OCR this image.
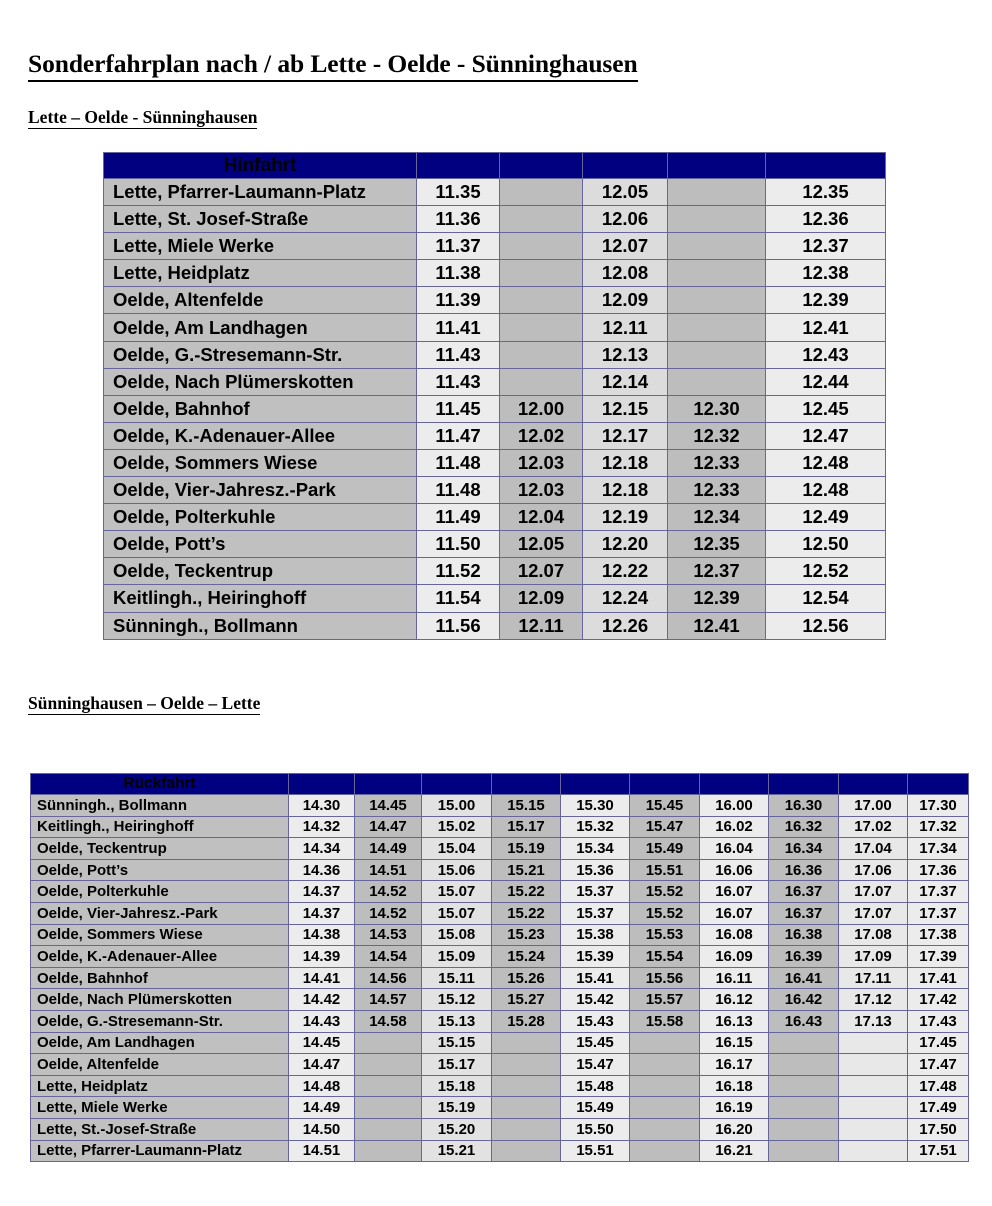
Sonderfahrplan nach / ab Lette - Oelde - Sünninghausen
Lette – Oelde - Sünninghausen
Hinfahrt					
Lette, Pfarrer-Laumann-Platz	11.35		12.05		12.35
Lette, St. Josef-Straße	11.36		12.06		12.36
Lette, Miele Werke	11.37		12.07		12.37
Lette, Heidplatz	11.38		12.08		12.38
Oelde, Altenfelde	11.39		12.09		12.39
Oelde, Am Landhagen	11.41		12.11		12.41
Oelde, G.-Stresemann-Str.	11.43		12.13		12.43
Oelde, Nach Plümerskotten	11.43		12.14		12.44
Oelde, Bahnhof	11.45	12.00	12.15	12.30	12.45
Oelde, K.-Adenauer-Allee	11.47	12.02	12.17	12.32	12.47
Oelde, Sommers Wiese	11.48	12.03	12.18	12.33	12.48
Oelde, Vier-Jahresz.-Park	11.48	12.03	12.18	12.33	12.48
Oelde, Polterkuhle	11.49	12.04	12.19	12.34	12.49
Oelde, Pott’s	11.50	12.05	12.20	12.35	12.50
Oelde, Teckentrup	11.52	12.07	12.22	12.37	12.52
Keitlingh., Heiringhoff	11.54	12.09	12.24	12.39	12.54
Sünningh., Bollmann	11.56	12.11	12.26	12.41	12.56
Sünninghausen – Oelde – Lette
Rückfahrt										
Sünningh., Bollmann	14.30	14.45	15.00	15.15	15.30	15.45	16.00	16.30	17.00	17.30
Keitlingh., Heiringhoff	14.32	14.47	15.02	15.17	15.32	15.47	16.02	16.32	17.02	17.32
Oelde, Teckentrup	14.34	14.49	15.04	15.19	15.34	15.49	16.04	16.34	17.04	17.34
Oelde, Pott’s	14.36	14.51	15.06	15.21	15.36	15.51	16.06	16.36	17.06	17.36
Oelde, Polterkuhle	14.37	14.52	15.07	15.22	15.37	15.52	16.07	16.37	17.07	17.37
Oelde, Vier-Jahresz.-Park	14.37	14.52	15.07	15.22	15.37	15.52	16.07	16.37	17.07	17.37
Oelde, Sommers Wiese	14.38	14.53	15.08	15.23	15.38	15.53	16.08	16.38	17.08	17.38
Oelde, K.-Adenauer-Allee	14.39	14.54	15.09	15.24	15.39	15.54	16.09	16.39	17.09	17.39
Oelde, Bahnhof	14.41	14.56	15.11	15.26	15.41	15.56	16.11	16.41	17.11	17.41
Oelde, Nach Plümerskotten	14.42	14.57	15.12	15.27	15.42	15.57	16.12	16.42	17.12	17.42
Oelde, G.-Stresemann-Str.	14.43	14.58	15.13	15.28	15.43	15.58	16.13	16.43	17.13	17.43
Oelde, Am Landhagen	14.45		15.15		15.45		16.15			17.45
Oelde, Altenfelde	14.47		15.17		15.47		16.17			17.47
Lette, Heidplatz	14.48		15.18		15.48		16.18			17.48
Lette, Miele Werke	14.49		15.19		15.49		16.19			17.49
Lette, St.-Josef-Straße	14.50		15.20		15.50		16.20			17.50
Lette, Pfarrer-Laumann-Platz	14.51		15.21		15.51		16.21			17.51
